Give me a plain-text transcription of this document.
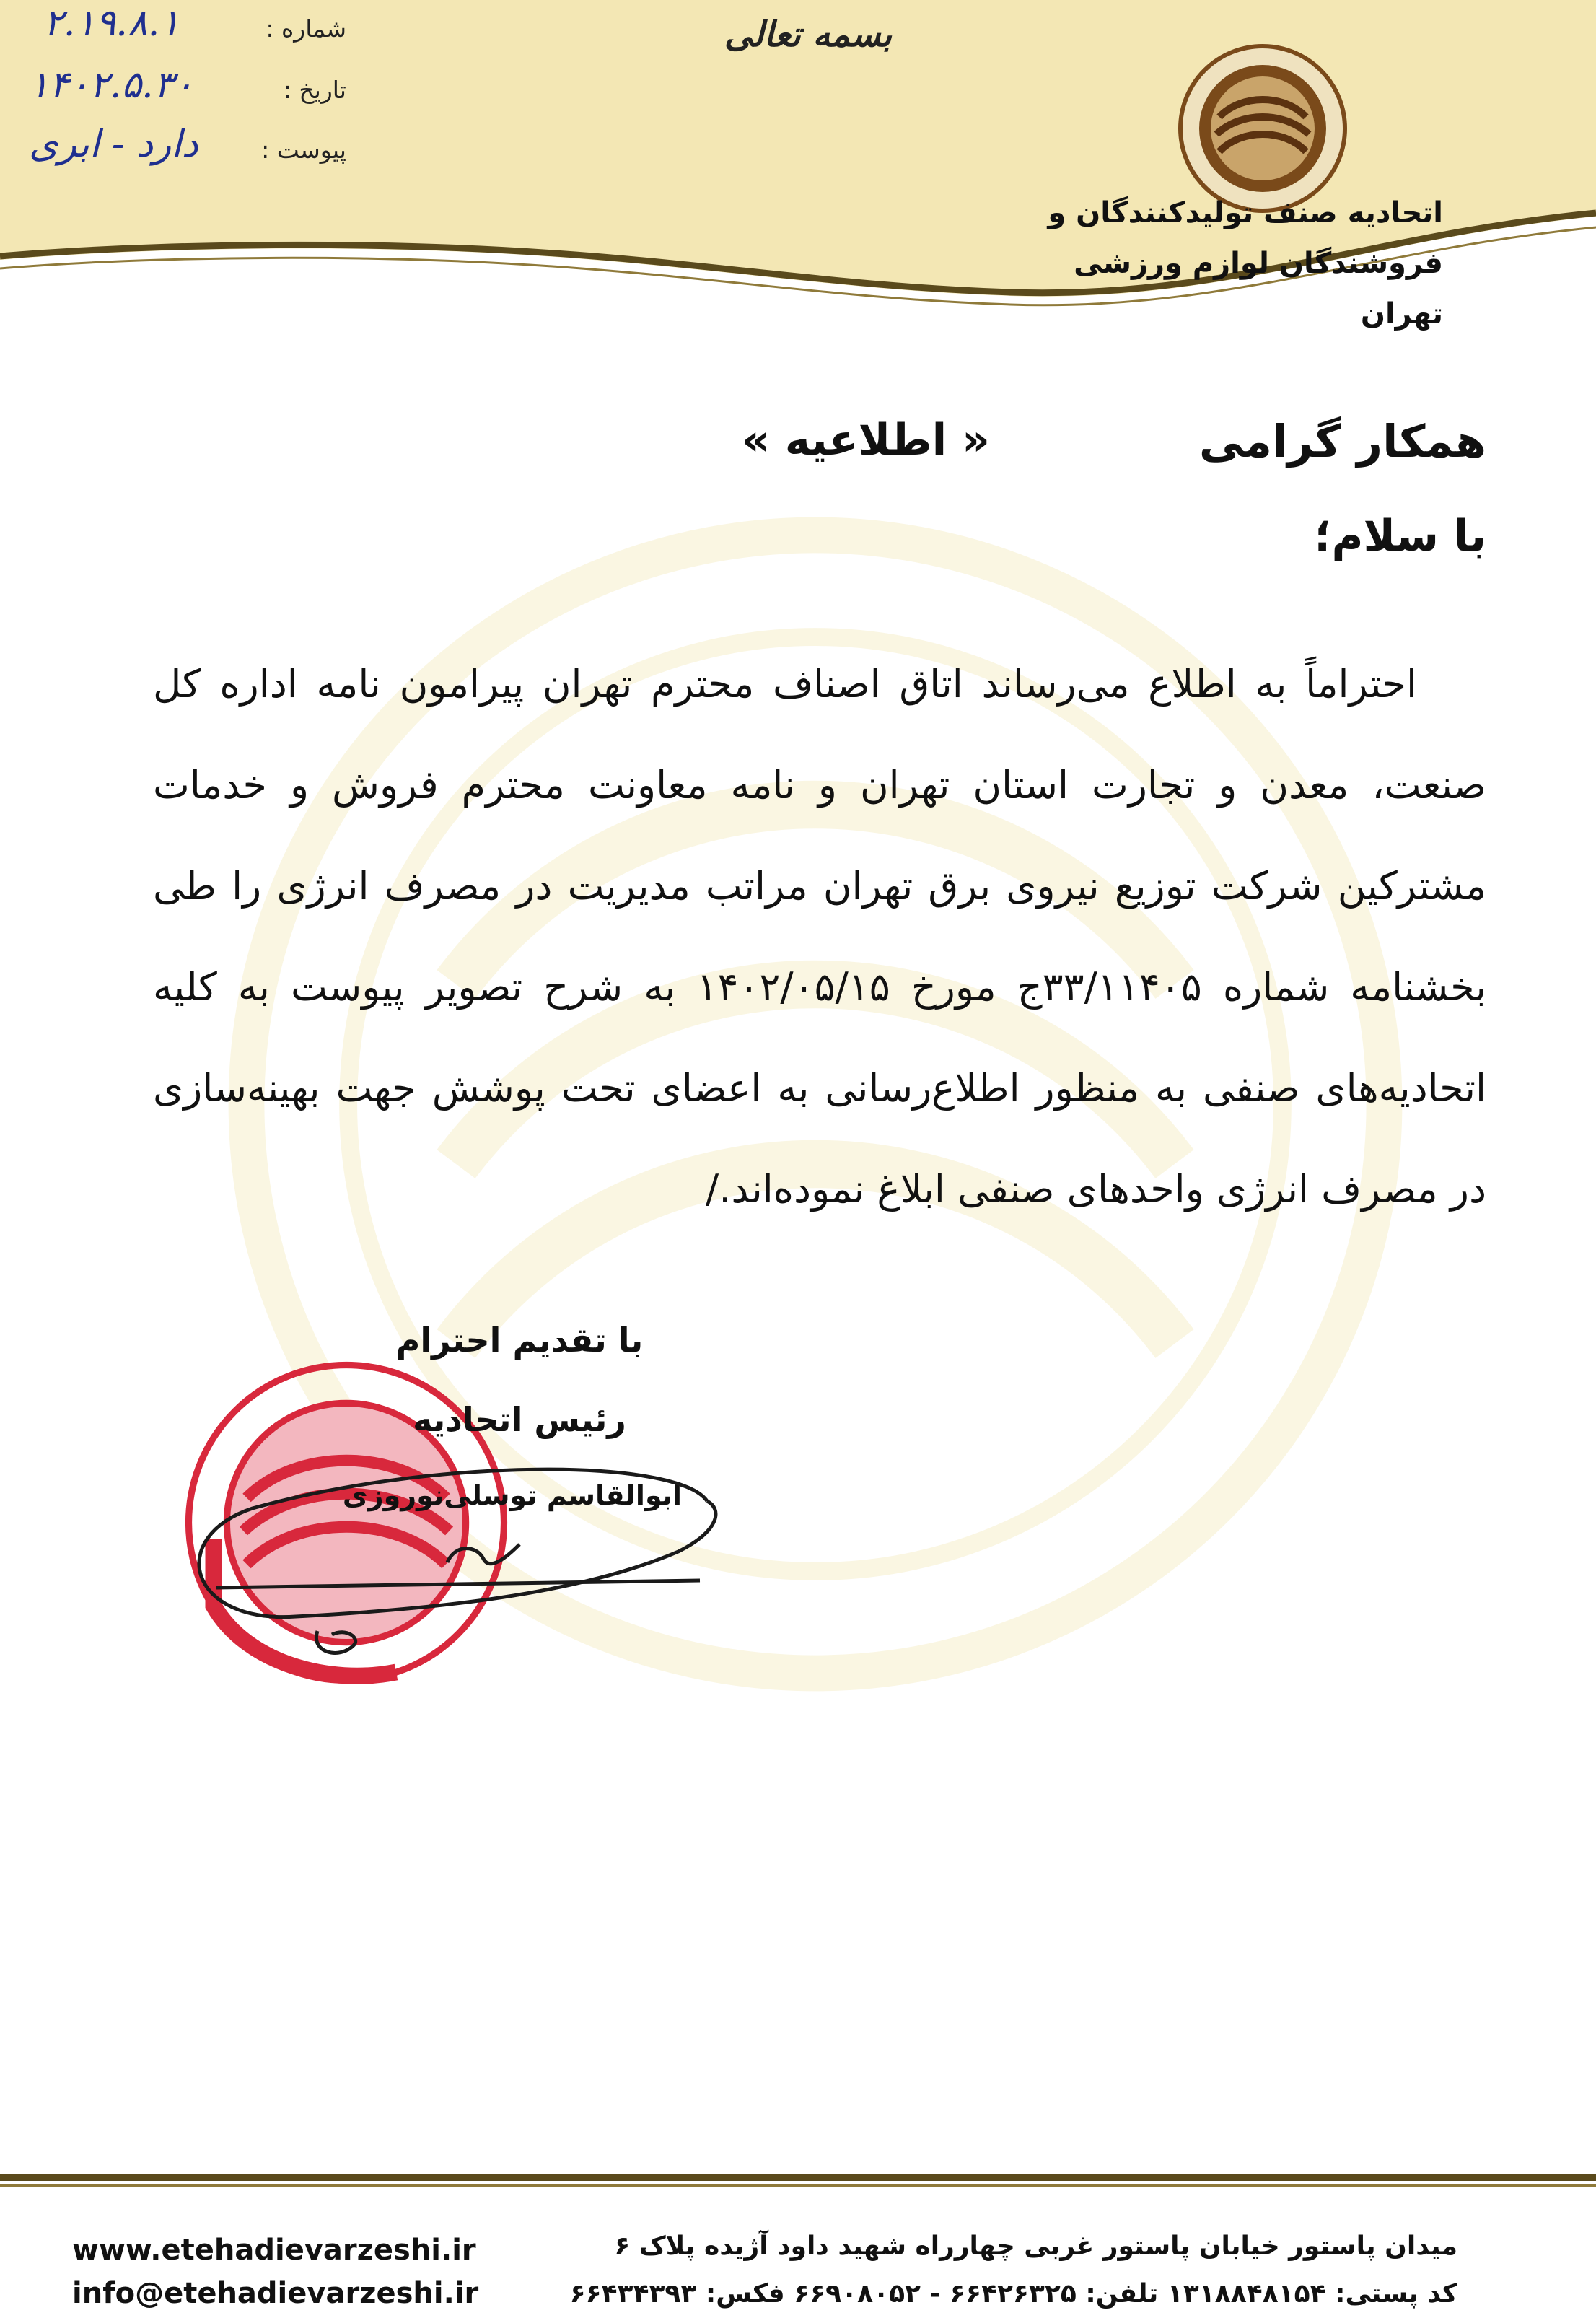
بسمه تعالی
شماره :
۲.۱۹.۸.۱
تاریخ :
۱۴۰۲.۵.۳۰
پیوست :
دارد - ابری
اتحادیه صنف تولیدکنندگان و
فروشندگان لوازم ورزشی تهران
همکار گرامی
« اطلاعیه »
با سلام؛
احتراماً به اطلاع می‌رساند اتاق اصناف محترم تهران پیرامون نامه اداره کل صنعت، معدن و تجارت استان تهران و نامه معاونت محترم فروش و خدمات مشترکین شرکت توزیع نیروی برق تهران مراتب مدیریت در مصرف انرژی را طی بخشنامه شماره ۳۳/۱۱۴۰۵ج مورخ ۱۴۰۲/۰۵/۱۵ به شرح تصویر پیوست به کلیه اتحادیه‌های صنفی به منظور اطلاع‌رسانی به اعضای تحت پوشش جهت بهینه‌سازی در مصرف انرژی واحدهای صنفی ابلاغ نموده‌اند./
با تقدیم احترام
رئیس اتحادیه
ابوالقاسم توسلی‌نوروزی
میدان پاستور خیابان پاستور غربی چهارراه شهید داود آژیده پلاک ۶
کد پستی: ۱۳۱۸۸۴۸۱۵۴ تلفن: ۶۶۴۲۶۳۲۵ - ۶۶۹۰۸۰۵۲ فکس: ۶۶۴۳۴۳۹۳
www.etehadievarzeshi.ir
info@etehadievarzeshi.ir
